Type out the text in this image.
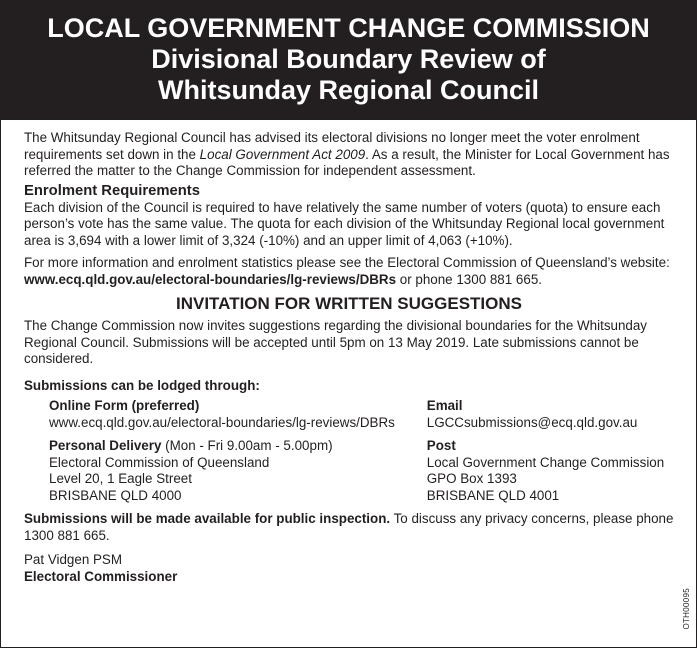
LOCAL GOVERNMENT CHANGE COMMISSION
Divisional Boundary Review of
Whitsunday Regional Council

The Whitsunday Regional Council has advised its electoral divisions no longer meet the voter enrolment requirements set down in the Local Government Act 2009. As a result, the Minister for Local Government has referred the matter to the Change Commission for independent assessment.

Enrolment Requirements

Each division of the Council is required to have relatively the same number of voters (quota) to ensure each person’s vote has the same value. The quota for each division of the Whitsunday Regional local government area is 3,694 with a lower limit of 3,324 (-10%) and an upper limit of 4,063 (+10%).

For more information and enrolment statistics please see the Electoral Commission of Queensland’s website: www.ecq.qld.gov.au/electoral-boundaries/lg-reviews/DBRs or phone 1300 881 665.

INVITATION FOR WRITTEN SUGGESTIONS

The Change Commission now invites suggestions regarding the divisional boundaries for the Whitsunday Regional Council. Submissions will be accepted until 5pm on 13 May 2019. Late submissions cannot be considered.

Submissions can be lodged through:

Online Form (preferred)
www.ecq.qld.gov.au/electoral-boundaries/lg-reviews/DBRs
Personal Delivery (Mon - Fri 9.00am - 5.00pm)
Electoral Commission of Queensland
Level 20, 1 Eagle Street
BRISBANE QLD 4000
Email
LGCCsubmissions@ecq.qld.gov.au
Post
Local Government Change Commission
GPO Box 1393
BRISBANE QLD 4001

Submissions will be made available for public inspection. To discuss any privacy concerns, please phone 1300 881 665.

Pat Vidgen PSM

Electoral Commissioner

OTH00095
